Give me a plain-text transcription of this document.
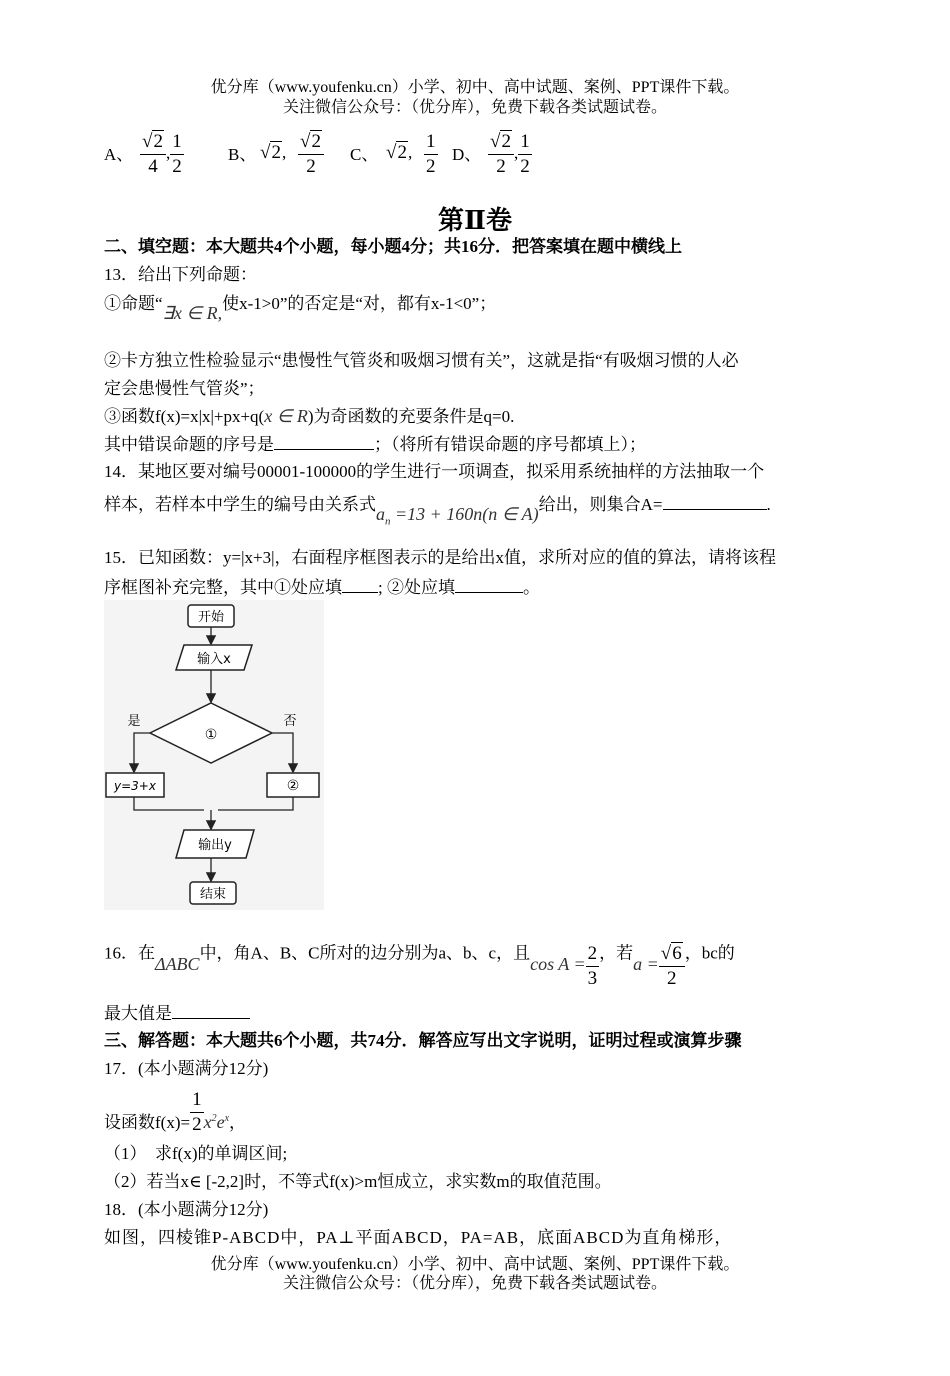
优分库（www.youfenku.cn）小学、初中、高中试题、案例、PPT课件下载。
关注微信公众号：（优分库），免费下载各类试题试卷。
A、 $\frac{√2}{4}$ , $\frac{1}{2}$	B、 √2, $\frac{√2}{2}$ C、 √2, $\frac{1}{2}$ D、 $\frac{√2}{2}$ , $\frac{1}{2}$
第Ⅱ卷
二、填空题：本大题共4个小题，每小题4分；共16分．把答案填在题中横线上
13．给出下列命题：
①命题“∃x ∈ R,使x-1>0”的否定是“对，都有x-1<0”；
②卡方独立性检验显示“患慢性气管炎和吸烟习惯有关”，这就是指“有吸烟习惯的人必
定会患慢性气管炎”；
③函数f(x)=x|x|+px+q(x ∈ R)为奇函数的充要条件是q=0.
其中错误命题的序号是	；（将所有错误命题的序号都填上）；
14．某地区要对编号00001-100000的学生进行一项调查，拟采用系统抽样的方法抽取一个
样本，若样本中学生的编号由关系式$a_n =13 + 160n(n$ ∈ A)给出，则集合A=	.
15．已知函数：y=|x+3|，右面程序框图表示的是给出x值，求所对应的值的算法，请将该程
序框图补充完整，其中①处应填 ; ②处应填	。
开始
输入x
①
是	否
y=3+x	②
输出y
结束
16．在ΔABC中，角A、B、C所对的边分别为a、b、c，且$\cos A = \frac{2}{3}$ ，若$a = \frac{√6}{2}$ ，bc的
最大值是
三、解答题：本大题共6个小题，共74分．解答应写出文字说明，证明过程或演算步骤
17．(本小题满分12分)
设函数$f(x)= \frac{1}{2} x^2e^x$，
（1）　求f(x)的单调区间;
（2）若当x∈ [-2,2]时，不等式f(x)>m恒成立，求实数m的取值范围。
18．(本小题满分12分)
如图，四棱锥P-ABCD中，PA⊥平面ABCD，PA=AB，底面ABCD为直角梯形，
优分库（www.youfenku.cn）小学、初中、高中试题、案例、PPT课件下载。
关注微信公众号：（优分库），免费下载各类试题试卷。
